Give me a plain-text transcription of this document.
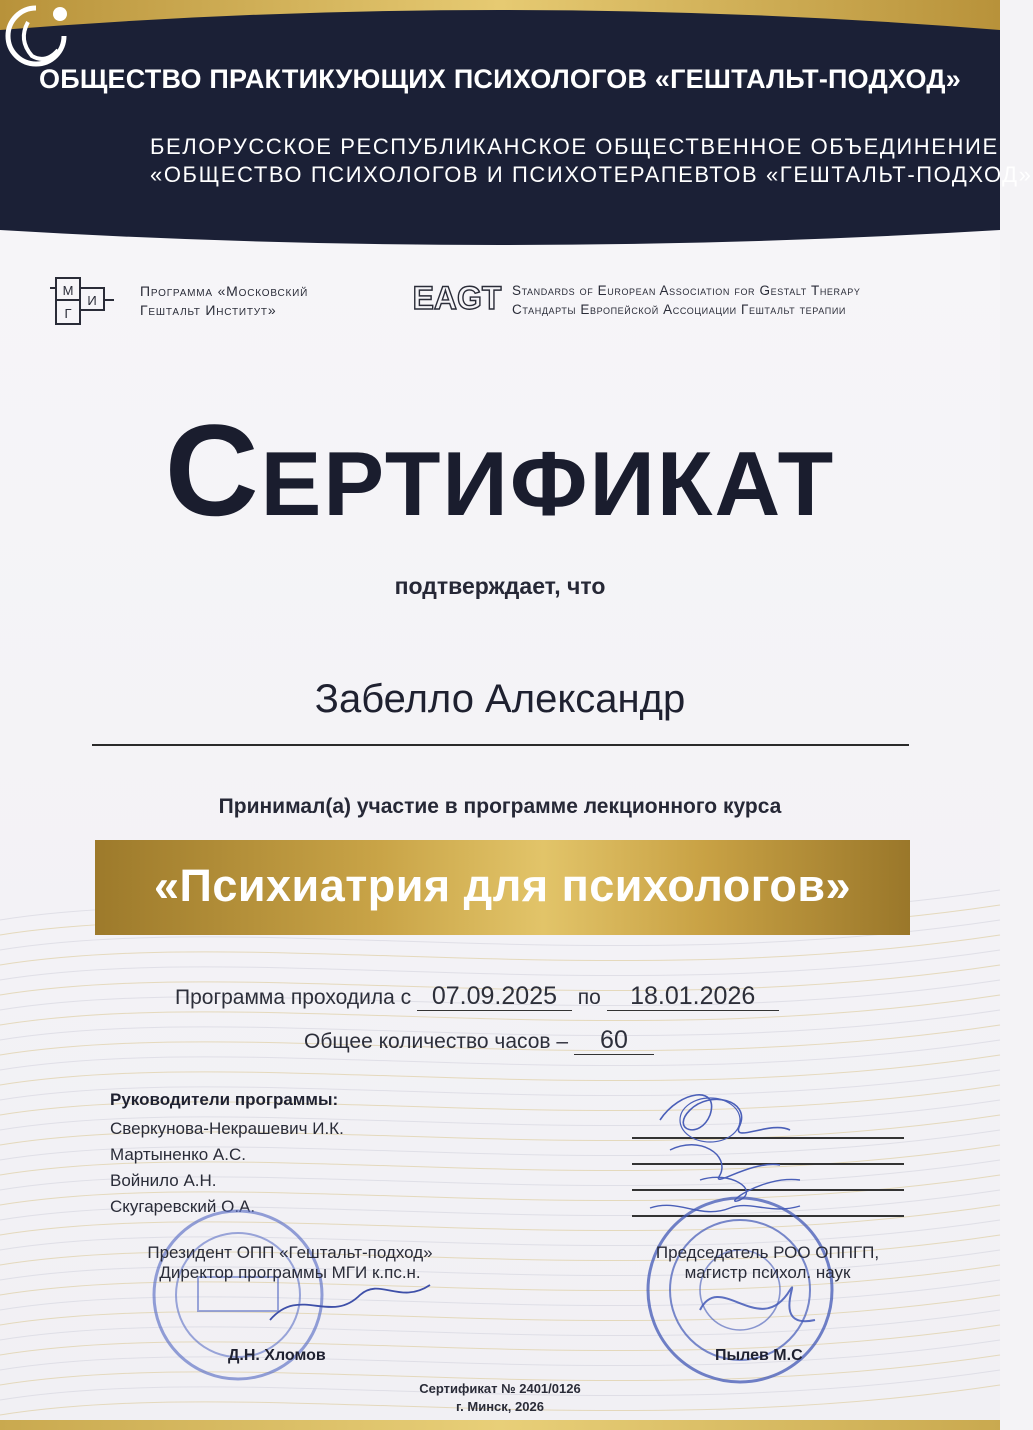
ОБЩЕСТВО ПРАКТИКУЮЩИХ ПСИХОЛОГОВ «ГЕШТАЛЬТ-ПОДХОД»
БЕЛОРУССКОЕ РЕСПУБЛИКАНСКОЕ ОБЩЕСТВЕННОЕ ОБЪЕДИНЕНИЕ
«ОБЩЕСТВО ПСИХОЛОГОВ И ПСИХОТЕРАПЕВТОВ «ГЕШТАЛЬТ-ПОДХОД»
М
И
Г
Программа «Московский
Гештальт Институт»	EAGT Standards of European Association for Gestalt Therapy
Стандарты Европейской Ассоциации Гештальт терапии
Сертификат
подтверждает, что
Забелло Александр
Принимал(а) участие в программе лекционного курса
«Психиатрия для психологов»
Программа проходила с 07.09.2025 по 18.01.2026
Общее количество часов – 60
Руководители программы:
Сверкунова-Некрашевич И.К.
Мартыненко А.С.
Войнило А.Н.
Скугаревский О.А.
Президент ОПП «Гештальт-подход»
Директор программы МГИ к.пс.н.
Председатель РОО ОППГП,
магистр психол. наук
Д.Н. Хломов	Пылев М.С
Сертификат № 2401/0126
г. Минск, 2026
